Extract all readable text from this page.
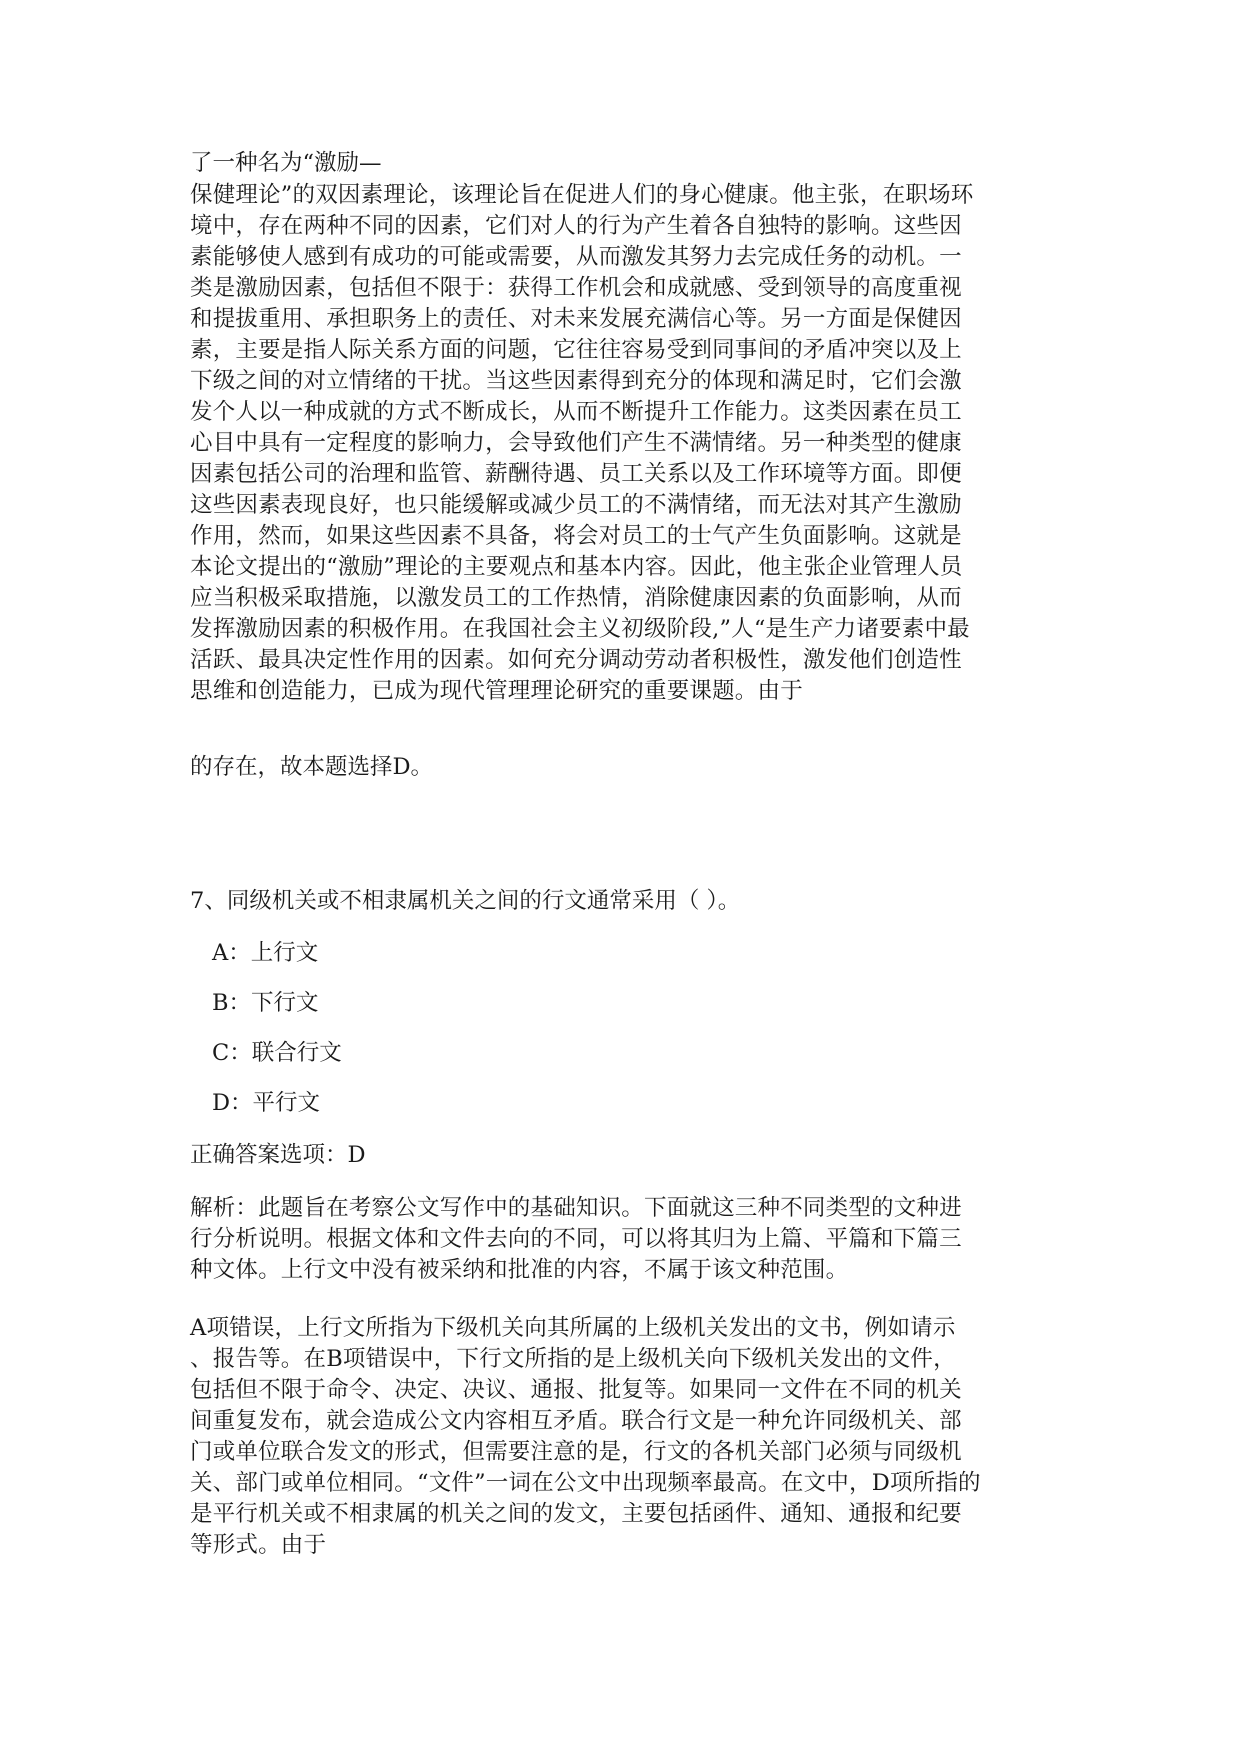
了一种名为“激励—
保健理论”的双因素理论，该理论旨在促进人们的身心健康。他主张，在职场环
境中，存在两种不同的因素，它们对人的行为产生着各自独特的影响。这些因
素能够使人感到有成功的可能或需要，从而激发其努力去完成任务的动机。一
类是激励因素，包括但不限于：获得工作机会和成就感、受到领导的高度重视
和提拔重用、承担职务上的责任、对未来发展充满信心等。另一方面是保健因
素，主要是指人际关系方面的问题，它往往容易受到同事间的矛盾冲突以及上
下级之间的对立情绪的干扰。当这些因素得到充分的体现和满足时，它们会激
发个人以一种成就的方式不断成长，从而不断提升工作能力。这类因素在员工
心目中具有一定程度的影响力，会导致他们产生不满情绪。另一种类型的健康
因素包括公司的治理和监管、薪酬待遇、员工关系以及工作环境等方面。即便
这些因素表现良好，也只能缓解或减少员工的不满情绪，而无法对其产生激励
作用，然而，如果这些因素不具备，将会对员工的士气产生负面影响。这就是
本论文提出的“激励”理论的主要观点和基本内容。因此，他主张企业管理人员
应当积极采取措施，以激发员工的工作热情，消除健康因素的负面影响，从而
发挥激励因素的积极作用。在我国社会主义初级阶段,”人“是生产力诸要素中最
活跃、最具决定性作用的因素。如何充分调动劳动者积极性，激发他们创造性
思维和创造能力，已成为现代管理理论研究的重要课题。由于
的存在，故本题选择D。
7、同级机关或不相隶属机关之间的行文通常采用（ ）。
A：上行文
B：下行文
C：联合行文
D：平行文
正确答案选项：D
解析：此题旨在考察公文写作中的基础知识。下面就这三种不同类型的文种进
行分析说明。根据文体和文件去向的不同，可以将其归为上篇、平篇和下篇三
种文体。上行文中没有被采纳和批准的内容，不属于该文种范围。
A项错误，上行文所指为下级机关向其所属的上级机关发出的文书，例如请示
、报告等。在B项错误中，下行文所指的是上级机关向下级机关发出的文件，
包括但不限于命令、决定、决议、通报、批复等。如果同一文件在不同的机关
间重复发布，就会造成公文内容相互矛盾。联合行文是一种允许同级机关、部
门或单位联合发文的形式，但需要注意的是，行文的各机关部门必须与同级机
关、部门或单位相同。“文件”一词在公文中出现频率最高。在文中，D项所指的
是平行机关或不相隶属的机关之间的发文，主要包括函件、通知、通报和纪要
等形式。由于
